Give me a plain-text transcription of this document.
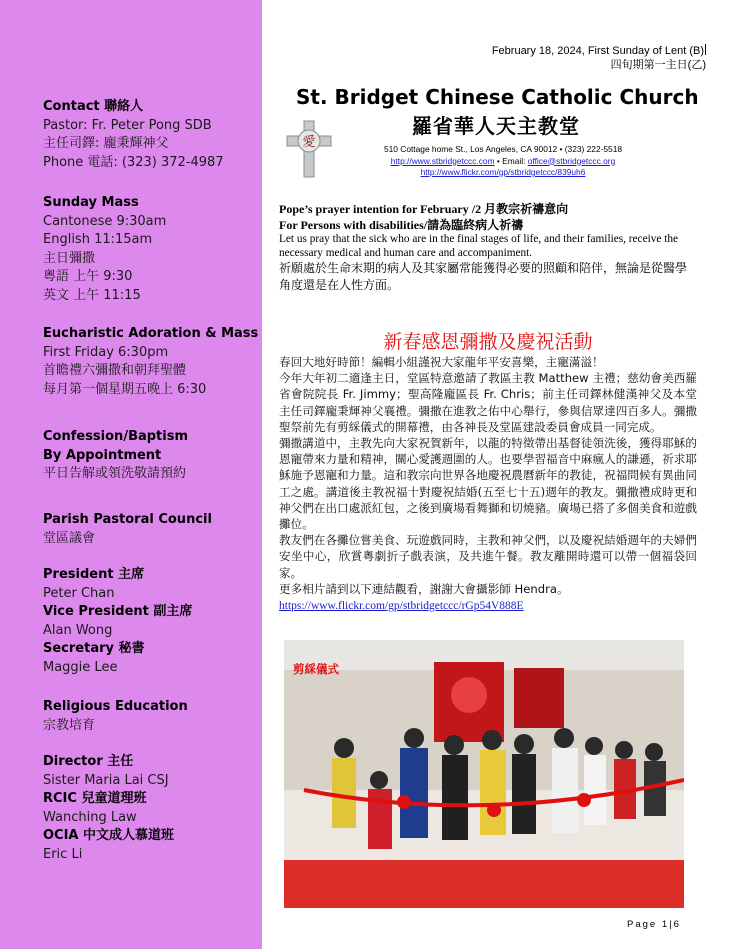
Contact 聯絡人
Pastor: Fr. Peter Pong SDB
主任司鐸: 龐秉輝神父
Phone 電話: (323) 372-4987
Sunday Mass
Cantonese 9:30am
English 11:15am
主日彌撒
粵語 上午 9:30
英文 上午 11:15
Eucharistic Adoration & Mass
First Friday 6:30pm
首瞻禮六彌撒和朝拜聖體
每月第一個星期五晚上 6:30
Confession/Baptism
By Appointment
平日告解或領洗敬請預約
Parish Pastoral Council
堂區議會
President 主席
Peter Chan
Vice President 副主席
Alan Wong
Secretary 秘書
Maggie Lee
Religious Education
宗教培育
Director 主任
Sister Maria Lai CSJ
RCIC 兒童道理班
Wanching Law
OCIA 中文成人慕道班
Eric Li
February 18, 2024, First Sunday of Lent (B)
四旬期第一主日(乙)
St. Bridget Chinese Catholic Church
羅省華人天主教堂
愛	510 Cottage home St., Los Angeles, CA 90012 • (323) 222-5518
http://www.stbridgetccc.com • Email: office@stbridgetccc.org
http://www.flickr.com/gp/stbridgetccc/839uh6
Pope’s prayer intention for February /2 月教宗祈禱意向
For Persons with disabilities/請為臨終病人祈禱
Let us pray that the sick who are in the final stages of life, and their families, receive the necessary medical and human care and accompaniment.
祈願處於生命末期的病人及其家屬常能獲得必要的照顧和陪伴，無論是從醫學角度還是在人性方面。
新春感恩彌撒及慶祝活動

春回大地好時節！編輯小組謹祝大家龍年平安喜樂，主寵滿溢！

今年大年初二適逢主日，堂區特意邀請了教區主教 Matthew 主禮；慈幼會美西羅省會院院長 Fr. Jimmy；聖高隆龐區長 Fr. Chris；前主任司鐸林健漢神父及本堂主任司鐸龐秉輝神父襄禮。彌撒在進教之佑中心舉行，參與信眾達四百多人。彌撒聖祭前先有剪綵儀式的開幕禮，由各神長及堂區建設委員會成員一同完成。

彌撒講道中，主教先向大家祝賀新年，以龍的特徵帶出基督徒領洗後，獲得耶穌的恩寵帶來力量和精神，關心愛護週圍的人。也要學習福音中麻瘋人的謙遜，祈求耶穌施予恩寵和力量。這和教宗向世界各地慶祝農曆新年的教徒，祝福問候有異曲同工之處。講道後主教祝福十對慶祝結婚(五至七十五)週年的教友。彌撒禮成時更和神父們在出口處派紅包，之後到廣場看舞獅和切燒豬。廣場已搭了多個美食和遊戲攤位。

教友們在各攤位嘗美食、玩遊戲同時，主教和神父們，以及慶祝結婚週年的夫婦們安坐中心，欣賞粵劇折子戲表演，及共進午餐。教友離開時還可以帶一個福袋回家。

更多相片請到以下連結觀看，謝謝大會攝影師 Hendra。

https://www.flickr.com/gp/stbridgetccc/rGp54V888E

剪綵儀式
Page 1|6
